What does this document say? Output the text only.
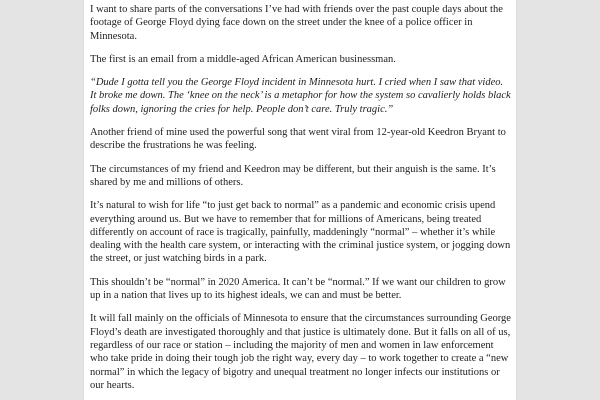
I want to share parts of the conversations I’ve had with friends over the past couple days about the footage of George Floyd dying face down on the street under the knee of a police officer in Minnesota.

The first is an email from a middle-aged African American businessman.

“Dude I gotta tell you the George Floyd incident in Minnesota hurt. I cried when I saw that video. It broke me down. The ‘knee on the neck’ is a metaphor for how the system so cavalierly holds black folks down, ignoring the cries for help. People don’t care. Truly tragic.”

Another friend of mine used the powerful song that went viral from 12-year-old Keedron Bryant to describe the frustrations he was feeling.

The circumstances of my friend and Keedron may be different, but their anguish is the same. It’s shared by me and millions of others.

It’s natural to wish for life “to just get back to normal” as a pandemic and economic crisis upend everything around us. But we have to remember that for millions of Americans, being treated differently on account of race is tragically, painfully, maddeningly “normal” – whether it’s while dealing with the health care system, or interacting with the criminal justice system, or jogging down the street, or just watching birds in a park.

This shouldn’t be “normal” in 2020 America. It can’t be “normal.” If we want our children to grow up in a nation that lives up to its highest ideals, we can and must be better.

It will fall mainly on the officials of Minnesota to ensure that the circumstances surrounding George Floyd’s death are investigated thoroughly and that justice is ultimately done. But it falls on all of us, regardless of our race or station – including the majority of men and women in law enforcement who take pride in doing their tough job the right way, every day – to work together to create a “new normal” in which the legacy of bigotry and unequal treatment no longer infects our institutions or our hearts.
